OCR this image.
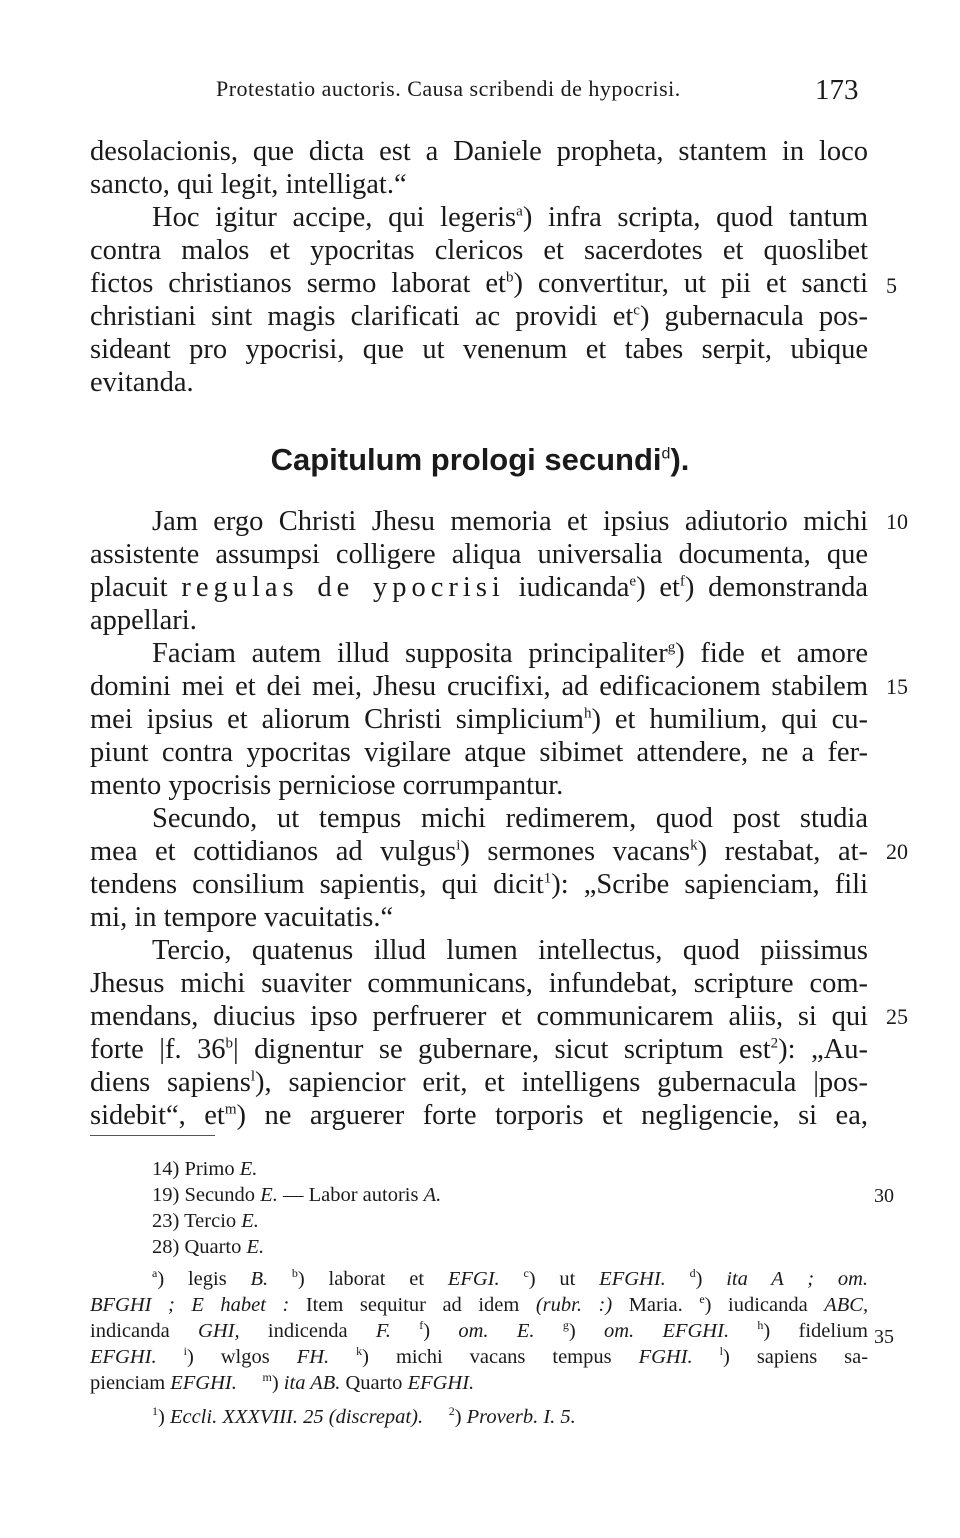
Protestatio auctoris. Causa scribendi de hypocrisi.	173
desolacionis, que dicta est a Daniele propheta, stantem in loco
sancto, qui legit, intelligat.“
Hoc igitur accipe, qui legeris$^a$) infra scripta, quod tantum
contra malos et ypocritas clericos et sacerdotes et quoslibet
fictos christianos sermo laborat $et^b$) convertitur, ut pii et sancti 5
christiani sint magis clarificati ac providi $et^c$) gubernacula pos-
sideant pro ypocrisi, que ut venenum et tabes serpit, ubique
evitanda.
Capitulum prologi secundi$^d$).
Jam ergo Christi Jhesu memoria et ipsius adiutorio michi 10
assistente assumpsi colligere aliqua universalia documenta, que
placuit regulas de ypocrisi iudicanda$^e$) $et^f$) demonstranda
appellari.
Faciam autem illud supposita principaliter$^g$) fide et amore
domini mei et dei mei, Jhesu crucifixi, ad edificacionem stabilem 15
mei ipsius et aliorum Christi simplicium$^h$) et humilium, qui cu-
piunt contra ypocritas vigilare atque sibimet attendere, ne a fer-
mento ypocrisis perniciose corrumpantur.
Secundo, ut tempus michi redimerem, quod post studia
mea et cottidianos ad vulgus$^i$) sermones vacans$^k$) restabat, at- 20
tendens consilium sapientis, qui dicit$^1$): „Scribe sapienciam, fili
mi, in tempore vacuitatis.“
Tercio, quatenus illud lumen intellectus, quod piissimus
Jhesus michi suaviter communicans, infundebat, scripture com-
mendans, diucius ipso perfruerer et communicarem aliis, si qui 25
forte |f. 36$^b$| dignentur se gubernare, sicut scriptum est$^2$): „Au-
diens sapiens$^l$), sapiencior erit, et intelligens gubernacula |pos-
sidebit“, $et^m$) ne arguerer forte torporis et negligencie, si ea,
14) Primo E.
19) Secundo E. — Labor autoris A.	30
23) Tercio E.
28) Quarto E.
$^a$) legis B. $^b$) laborat et EFGI. $^c$) ut EFGHI. $^d$) ita A ; om.
BFGHI ; E habet : Item sequitur ad idem (rubr. :) Maria. $^e$) iudicanda ABC,
indicanda GHI, indicenda F. $^f$) om. E. $^g$) om. EFGHI. $^h$) fidelium 35
EFGHI. $^i$) wlgos FH. $^k$) michi vacans tempus FGHI. $^l$) sapiens sa-
pienciam EFGHI. $^m$) ita AB. Quarto EFGHI.
$^1$) Eccli. XXXVIII. 25 (discrepat). $^2$) Proverb. I. 5.
